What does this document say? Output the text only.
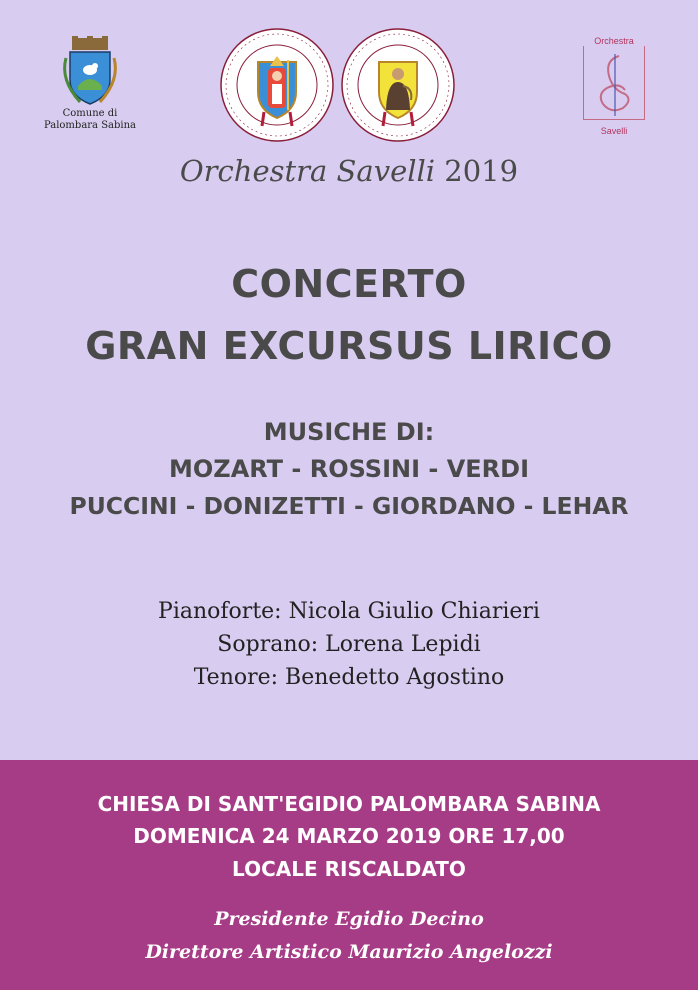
Comune di
Palombara Sabina
Orchestra
Savelli
Orchestra Savelli 2019
CONCERTO
GRAN EXCURSUS LIRICO
MUSICHE DI:
MOZART - ROSSINI - VERDI
PUCCINI - DONIZETTI - GIORDANO - LEHAR
Pianoforte: Nicola Giulio Chiarieri
Soprano: Lorena Lepidi
Tenore: Benedetto Agostino
CHIESA DI SANT'EGIDIO PALOMBARA SABINA
DOMENICA 24 MARZO 2019 ORE 17,00
LOCALE RISCALDATO
Presidente Egidio Decino
Direttore Artistico Maurizio Angelozzi
